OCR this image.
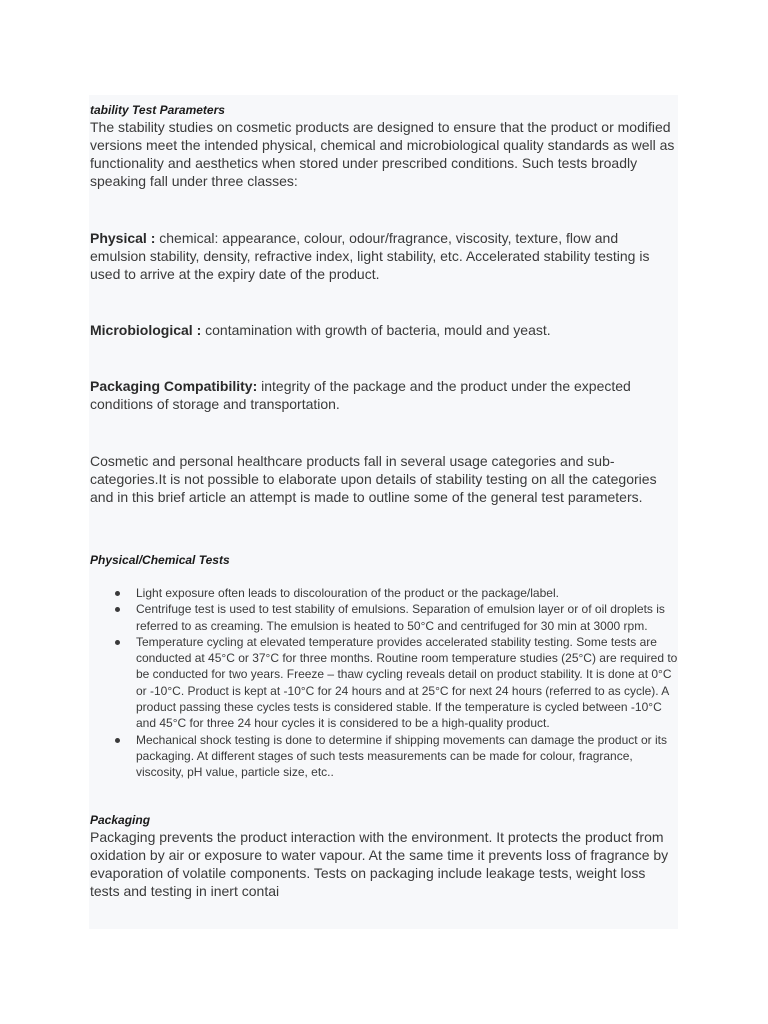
tability Test Parameters

The stability studies on cosmetic products are designed to ensure that the product or modified versions meet the intended physical, chemical and microbiological quality standards as well as functionality and aesthetics when stored under prescribed conditions. Such tests broadly speaking fall under three classes:

Physical : chemical: appearance, colour, odour/fragrance, viscosity, texture, flow and emulsion stability, density, refractive index, light stability, etc. Accelerated stability testing is used to arrive at the expiry date of the product.

Microbiological : contamination with growth of bacteria, mould and yeast.

Packaging Compatibility: integrity of the package and the product under the expected conditions of storage and transportation.

Cosmetic and personal healthcare products fall in several usage categories and sub-categories.It is not possible to elaborate upon details of stability testing on all the categories and in this brief article an attempt is made to outline some of the general test parameters.

Physical/Chemical Tests

Light exposure often leads to discolouration of the product or the package/label.
Centrifuge test is used to test stability of emulsions. Separation of emulsion layer or of oil droplets is referred to as creaming. The emulsion is heated to 50°C and centrifuged for 30 min at 3000 rpm.
Temperature cycling at elevated temperature provides accelerated stability testing. Some tests are conducted at 45°C or 37°C for three months. Routine room temperature studies (25°C) are required to be conducted for two years. Freeze – thaw cycling reveals detail on product stability. It is done at 0°C or -10°C. Product is kept at -10°C for 24 hours and at 25°C for next 24 hours (referred to as cycle). A product passing these cycles tests is considered stable. If the temperature is cycled between -10°C and 45°C for three 24 hour cycles it is considered to be a high-quality product.
Mechanical shock testing is done to determine if shipping movements can damage the product or its packaging. At different stages of such tests measurements can be made for colour, fragrance, viscosity, pH value, particle size, etc..

Packaging

Packaging prevents the product interaction with the environment. It protects the product from oxidation by air or exposure to water vapour. At the same time it prevents loss of fragrance by evaporation of volatile components. Tests on packaging include leakage tests, weight loss tests and testing in inert contai
